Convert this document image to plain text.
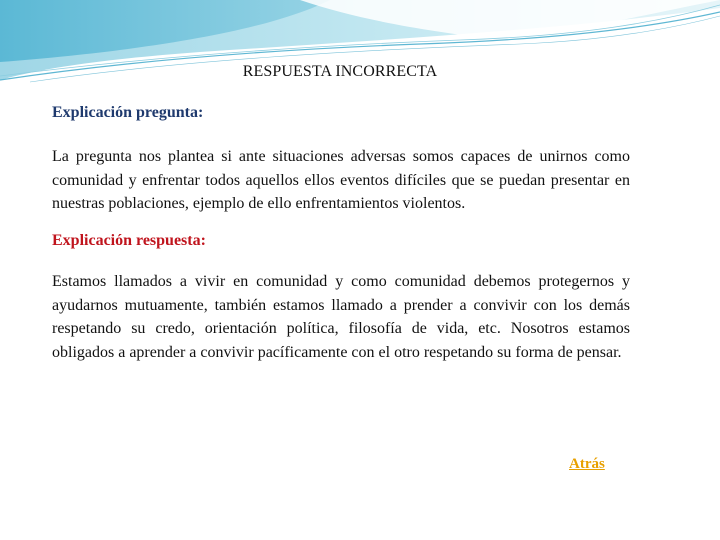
RESPUESTA INCORRECTA
Explicación pregunta:

La pregunta nos plantea si ante situaciones adversas somos capaces de unirnos como comunidad y enfrentar todos aquellos ellos eventos difíciles que se puedan presentar en nuestras poblaciones, ejemplo de ello enfrentamientos violentos.

Explicación respuesta:

Estamos llamados a vivir en comunidad y como comunidad debemos protegernos y ayudarnos mutuamente, también estamos llamado a prender a convivir con los demás respetando su credo, orientación política, filosofía de vida, etc. Nosotros estamos obligados a aprender a convivir pacíficamente con el otro respetando su forma de pensar.

Atrás
